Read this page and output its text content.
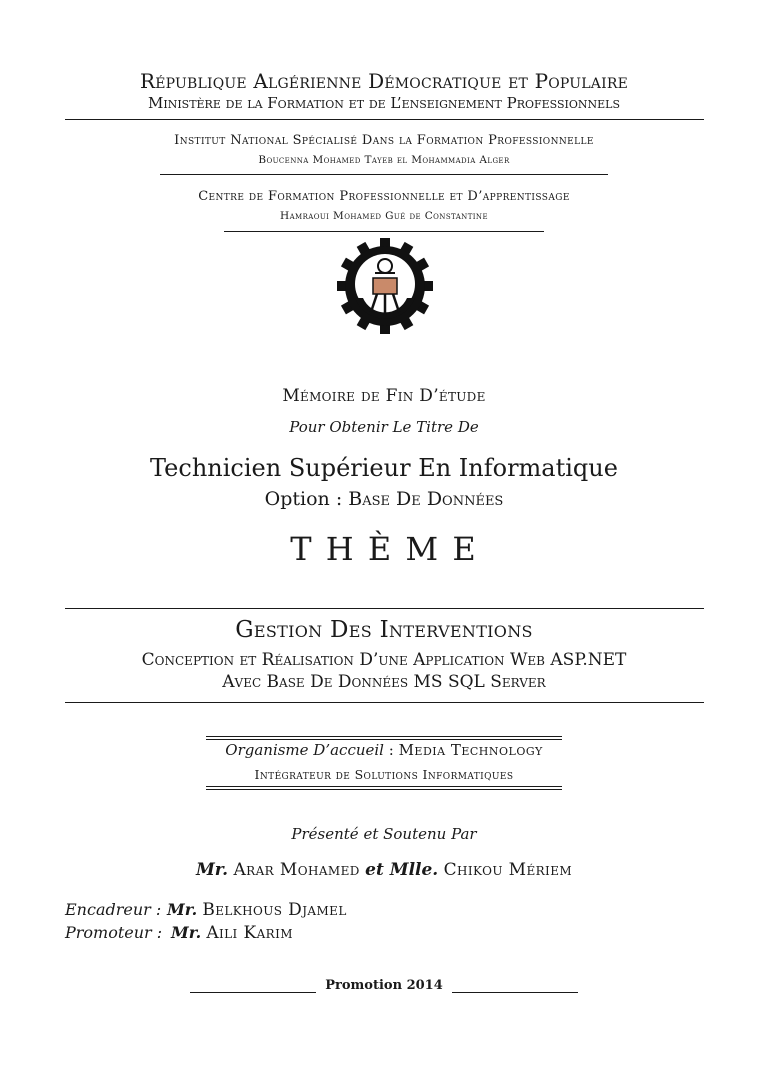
République Algérienne Démocratique et Populaire
Ministère de la Formation et de L’enseignement Professionnels
Institut National Spécialisé Dans la Formation Professionnelle
Boucenna Mohamed Tayeb el Mohammadia Alger
Centre de Formation Professionnelle et D’apprentissage
Hamraoui Mohamed Gué de Constantine
Mémoire de Fin D’étude
Pour Obtenir Le Titre De
Technicien Supérieur En Informatique
Option : Base De Données
T H È M E
Gestion Des Interventions
Conception et Réalisation D’une Application Web ASP.NET
Avec Base De Données MS SQL Server
Organisme D’accueil : Media Technology
Intégrateur de Solutions Informatiques
Présenté et Soutenu Par
Mr. Arar Mohamed et Mlle. Chikou Mériem
Encadreur : Mr. Belkhous Djamel
Promoteur : Mr. Aili Karim
Promotion 2014
